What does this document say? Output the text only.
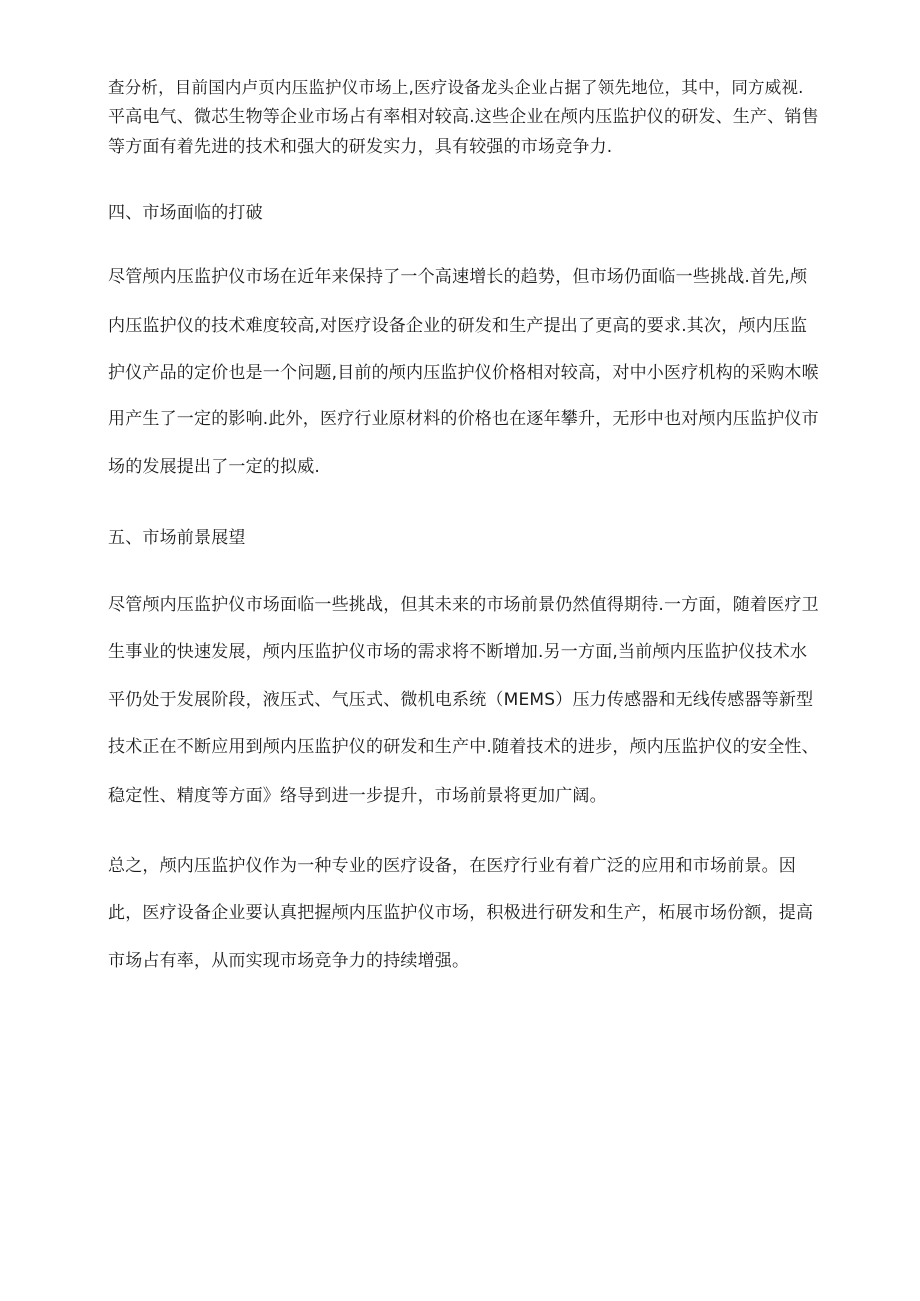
查分析，目前国内卢页内压监护仪市场上,医疗设备龙头企业占据了领先地位，其中，同方威视.
平高电气、微芯生物等企业市场占有率相对较高.这些企业在颅内压监护仪的研发、生产、销售
等方面有着先进的技术和强大的研发实力，具有较强的市场竞争力.
四、市场面临的打破
尽管颅内压监护仪市场在近年来保持了一个高速增长的趋势，但市场仍面临一些挑战.首先,颅
内压监护仪的技术难度较高,对医疗设备企业的研发和生产提出了更高的要求.其次，颅内压监
护仪产品的定价也是一个问题,目前的颅内压监护仪价格相对较高，对中小医疗机构的采购木喉
用产生了一定的影响.此外，医疗行业原材料的价格也在逐年攀升，无形中也对颅内压监护仪市
场的发展提出了一定的拟威.
五、市场前景展望
尽管颅内压监护仪市场面临一些挑战，但其未来的市场前景仍然值得期待.一方面，随着医疗卫
生事业的快速发展，颅内压监护仪市场的需求将不断增加.另一方面,当前颅内压监护仪技术水
平仍处于发展阶段，液压式、气压式、微机电系统（MEMS）压力传感器和无线传感器等新型
技术正在不断应用到颅内压监护仪的研发和生产中.随着技术的进步，颅内压监护仪的安全性、
稳定性、精度等方面》络导到进一步提升，市场前景将更加广阔。
总之，颅内压监护仪作为一种专业的医疗设备，在医疗行业有着广泛的应用和市场前景。因
此，医疗设备企业要认真把握颅内压监护仪市场，积极进行研发和生产，柘展市场份额，提高
市场占有率，从而实现市场竞争力的持续增强。
